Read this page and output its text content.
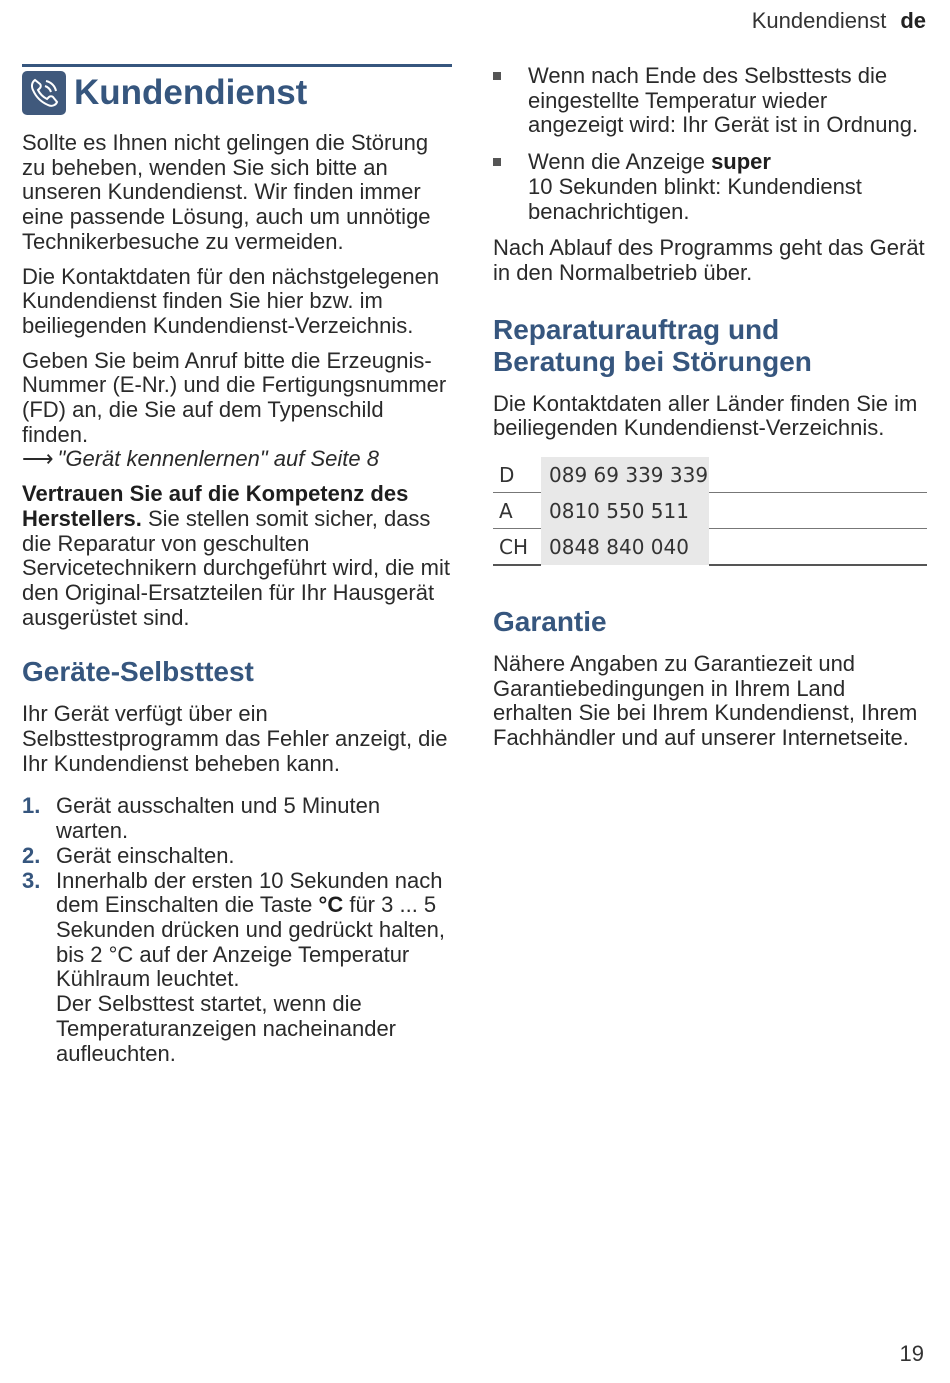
Kundendienst de
Kundendienst

Sollte es Ihnen nicht gelingen die Störung zu beheben, wenden Sie sich bitte an unseren Kundendienst. Wir finden immer eine passende Lösung, auch um unnötige Technikerbesuche zu vermeiden.

Die Kontaktdaten für den nächstgelegenen Kundendienst finden Sie hier bzw. im beiliegenden Kundendienst-Verzeichnis.

Geben Sie beim Anruf bitte die Erzeugnis-Nummer (E-Nr.) und die Fertigungsnummer (FD) an, die Sie auf dem Typenschild finden.
⟶ "Gerät kennenlernen" auf Seite 8

Vertrauen Sie auf die Kompetenz des Herstellers. Sie stellen somit sicher, dass die Reparatur von geschulten Servicetechnikern durchgeführt wird, die mit den Original-Ersatzteilen für Ihr Hausgerät ausgerüstet sind.

Geräte-Selbsttest

Ihr Gerät verfügt über ein Selbsttestprogramm das Fehler anzeigt, die Ihr Kundendienst beheben kann.

1. Gerät ausschalten und 5 Minuten warten.
2. Gerät einschalten.
3. Innerhalb der ersten 10 Sekunden nach dem Einschalten die Taste °C für 3 ... 5 Sekunden drücken und gedrückt halten, bis 2 °C auf der Anzeige Temperatur Kühlraum leuchtet.
Der Selbsttest startet, wenn die Temperaturanzeigen nacheinander aufleuchten.
Wenn nach Ende des Selbsttests die eingestellte Temperatur wieder angezeigt wird: Ihr Gerät ist in Ordnung.
Wenn die Anzeige super
10 Sekunden blinkt: Kundendienst benachrichtigen.

Nach Ablauf des Programms geht das Gerät in den Normalbetrieb über.

Reparaturauftrag und
Beratung bei Störungen

Die Kontaktdaten aller Länder finden Sie im beiliegenden Kundendienst-Verzeichnis.

D	089 69 339 339	
A	0810 550 511	
CH	0848 840 040	
Garantie

Nähere Angaben zu Garantiezeit und Garantiebedingungen in Ihrem Land erhalten Sie bei Ihrem Kundendienst, Ihrem Fachhändler und auf unserer Internetseite.

19
